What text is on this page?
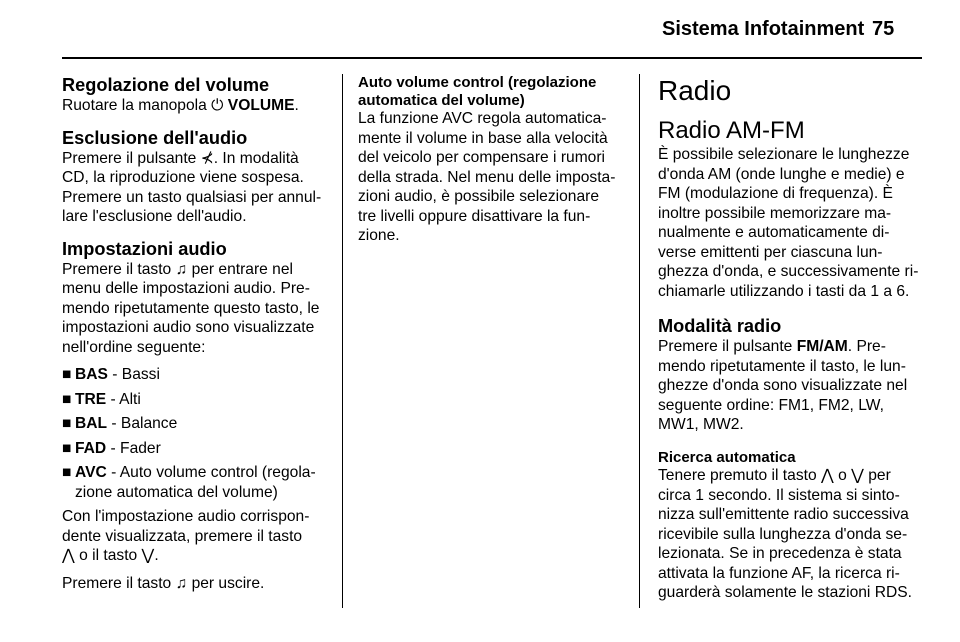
Sistema Infotainment 75
Regolazione del volume
Ruotare la manopola ⏻ VOLUME.
Esclusione dell'audio
Premere il pulsante ⊀. In modalità
CD, la riproduzione viene sospesa.
Premere un tasto qualsiasi per annul-
lare l'esclusione dell'audio.
Impostazioni audio
Premere il tasto ♫ per entrare nel
menu delle impostazioni audio. Pre-
mendo ripetutamente questo tasto, le
impostazioni audio sono visualizzate
nell'ordine seguente:
■ BAS - Bassi
■ TRE - Alti
■ BAL - Balance
■ FAD - Fader
■ AVC - Auto volume control (regola-
zione automatica del volume)
Con l'impostazione audio corrispon-
dente visualizzata, premere il tasto
⋀ o il tasto ⋁.
Premere il tasto ♫ per uscire.
Auto volume control (regolazione
automatica del volume)
La funzione AVC regola automatica-
mente il volume in base alla velocità
del veicolo per compensare i rumori
della strada. Nel menu delle imposta-
zioni audio, è possibile selezionare
tre livelli oppure disattivare la fun-
zione.
Radio
Radio AM-FM
È possibile selezionare le lunghezze
d'onda AM (onde lunghe e medie) e
FM (modulazione di frequenza). È
inoltre possibile memorizzare ma-
nualmente e automaticamente di-
verse emittenti per ciascuna lun-
ghezza d'onda, e successivamente ri-
chiamarle utilizzando i tasti da 1 a 6.
Modalità radio
Premere il pulsante FM/AM. Pre-
mendo ripetutamente il tasto, le lun-
ghezze d'onda sono visualizzate nel
seguente ordine: FM1, FM2, LW,
MW1, MW2.
Ricerca automatica
Tenere premuto il tasto ⋀ o ⋁ per
circa 1 secondo. Il sistema si sinto-
nizza sull'emittente radio successiva
ricevibile sulla lunghezza d'onda se-
lezionata. Se in precedenza è stata
attivata la funzione AF, la ricerca ri-
guarderà solamente le stazioni RDS.
